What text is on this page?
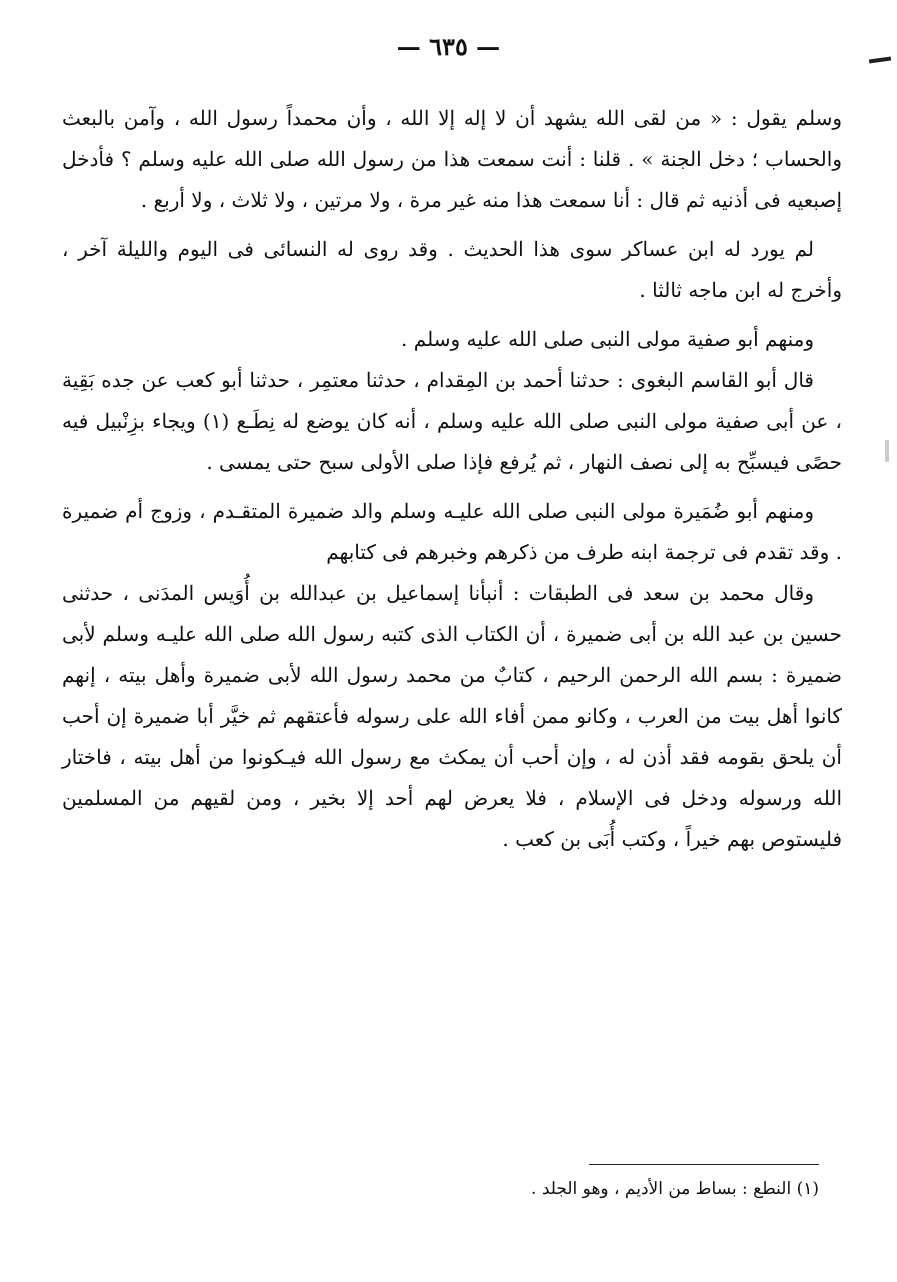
— ٦٣٥ —

وسلم يقول : « من لقى الله يشهد أن لا إله إلا الله ، وأن محمداً رسول الله ، وآمن بالبعث والحساب ؛ دخل الجنة » . قلنا : أنت سمعت هذا من رسول الله صلى الله عليه وسلم ؟ فأدخل إصبعيه فى أذنيه ثم قال : أنا سمعت هذا منه غير مرة ، ولا مرتين ، ولا ثلاث ، ولا أربع .

لم يورد له ابن عساكر سوى هذا الحديث . وقد روى له النسائى فى اليوم والليلة آخر ، وأخرج له ابن ماجه ثالثا .

ومنهم أبو صفية مولى النبى صلى الله عليه وسلم .

قال أبو القاسم البغوى : حدثنا أحمد بن المِقدام ، حدثنا معتمِر ، حدثنا أبو كعب عن جده بَقِية ، عن أبى صفية مولى النبى صلى الله عليه وسلم ، أنه كان يوضع له نِطَـع (١) ويجاء بزِنْبيل فيه حصًى فيسبِّح به إلى نصف النهار ، ثم يُرفع فإذا صلى الأولى سبح حتى يمسى .

ومنهم أبو ضُمَيرة مولى النبى صلى الله عليـه وسلم والد ضميرة المتقـدم ، وزوج أم ضميرة . وقد تقدم فى ترجمة ابنه طرف من ذكرهم وخبرهم فى كتابهم

وقال محمد بن سعد فى الطبقات : أنبأنا إسماعيل بن عبدالله بن أُوَيس المدَنى ، حدثنى حسين بن عبد الله بن أبى ضميرة ، أن الكتاب الذى كتبه رسول الله صلى الله عليـه وسلم لأبى ضميرة : بسم الله الرحمن الرحيم ، كتابٌ من محمد رسول الله لأبى ضميرة وأهل بيته ، إنهم كانوا أهل بيت من العرب ، وكانو ممن أفاء الله على رسوله فأعتقهم ثم خيَّر أبا ضميرة إن أحب أن يلحق بقومه فقد أذن له ، وإن أحب أن يمكث مع رسول الله فيـكونوا من أهل بيته ، فاختار الله ورسوله ودخل فى الإسلام ، فلا يعرض لهم أحد إلا بخير ، ومن لقيهم من المسلمين فليستوص بهم خيراً ، وكتب أُبَى بن كعب .

(١) النطع : بساط من الأديم ، وهو الجلد .
